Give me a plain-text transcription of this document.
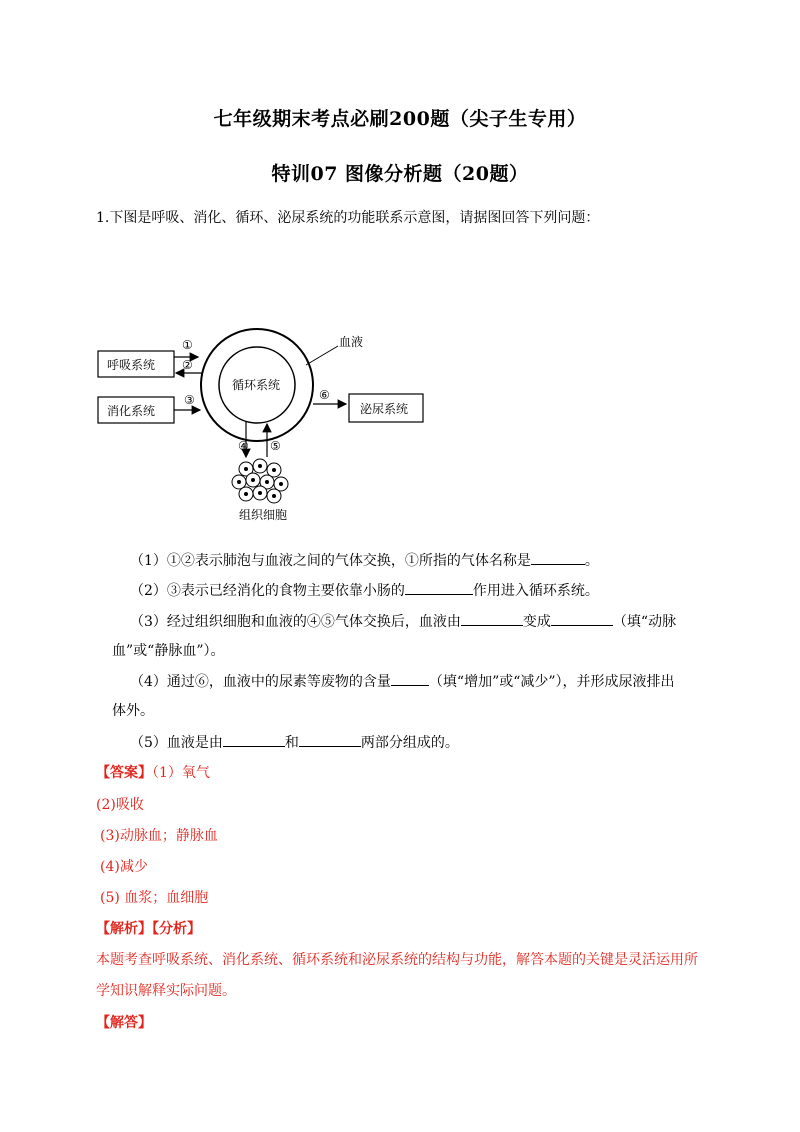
七年级期末考点必刷200题（尖子生专用）
特训07 图像分析题（20题）
1.下图是呼吸、消化、循环、泌尿系统的功能联系示意图，请据图回答下列问题：
呼吸系统
消化系统
循环系统
泌尿系统
血液
组织细胞
①
②
③
④ ⑤
⑥
（1）①②表示肺泡与血液之间的气体交换，①所指的气体名称是	。
（2）③表示已经消化的食物主要依靠小肠的	作用进入循环系统。
（3）经过组织细胞和血液的④⑤气体交换后，血液由	变成	（填“动脉
血”或“静脉血”）。
（4）通过⑥，血液中的尿素等废物的含量	（填“增加”或“减少”），并形成尿液排出
体外。
（5）血液是由	和	两部分组成的。
【答案】（1）氧气
(2)吸收
(3)动脉血；静脉血
(4)减少
(5) 血浆；血细胞
【解析】【分析】
本题考查呼吸系统、消化系统、循环系统和泌尿系统的结构与功能，解答本题的关键是灵活运用所
学知识解释实际问题。
【解答】
